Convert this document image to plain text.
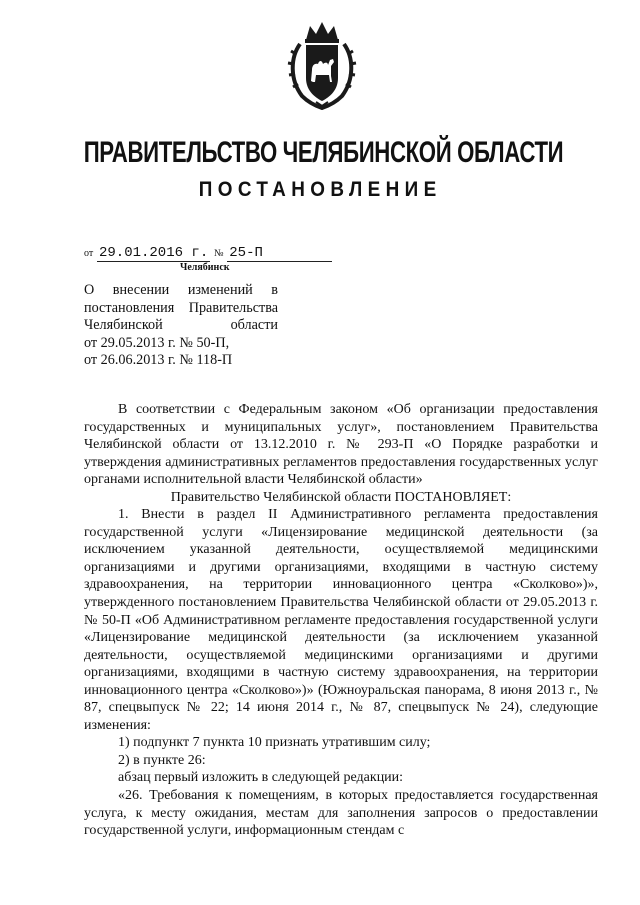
ПРАВИТЕЛЬСТВО ЧЕЛЯБИНСКОЙ ОБЛАСТИ
ПОСТАНОВЛЕНИЕ
от 29.01.2016 г. № 25-П
Челябинск
О внесении изменений в
постановления Правительства
Челябинской области
от 29.05.2013 г. № 50-П,
от 26.06.2013 г. № 118-П

В соответствии с Федеральным законом «Об организации предоставления государственных и муниципальных услуг», постановлением Правительства Челябинской области от 13.12.2010 г. № 293-П «О Порядке разработки и утверждения административных регламентов предоставления государственных услуг органами исполнительной власти Челябинской области»

Правительство Челябинской области ПОСТАНОВЛЯЕТ:

1. Внести в раздел II Административного регламента предоставления государственной услуги «Лицензирование медицинской деятельности (за исключением указанной деятельности, осуществляемой медицинскими организациями и другими организациями, входящими в частную систему здравоохранения, на территории инновационного центра «Сколково»)», утвержденного постановлением Правительства Челябинской области от 29.05.2013 г. № 50-П «Об Административном регламенте предоставления государственной услуги «Лицензирование медицинской деятельности (за исключением указанной деятельности, осуществляемой медицинскими организациями и другими организациями, входящими в частную систему здравоохранения, на территории инновационного центра «Сколково»)» (Южноуральская панорама, 8 июня 2013 г., № 87, спецвыпуск № 22; 14 июня 2014 г., № 87, спецвыпуск № 24), следующие изменения:

1) подпункт 7 пункта 10 признать утратившим силу;

2) в пункте 26:

абзац первый изложить в следующей редакции:

«26. Требования к помещениям, в которых предоставляется государственная услуга, к месту ожидания, местам для заполнения запросов о предоставлении государственной услуги, информационным стендам с
